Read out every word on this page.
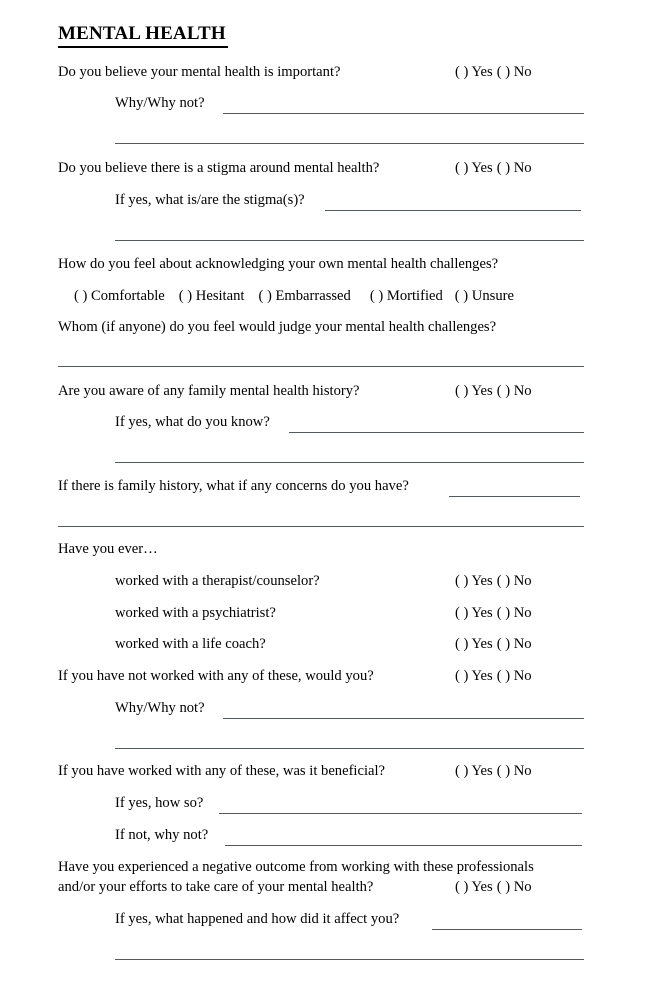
MENTAL HEALTH
Do you believe your mental health is important?	( ) Yes ( ) No
Why/Why not?
Do you believe there is a stigma around mental health?	( ) Yes ( ) No
If yes, what is/are the stigma(s)?
How do you feel about acknowledging your own mental health challenges?
( ) Comfortable ( ) Hesitant ( ) Embarrassed ( ) Mortified ( ) Unsure
Whom (if anyone) do you feel would judge your mental health challenges?
Are you aware of any family mental health history?	( ) Yes ( ) No
If yes, what do you know?
If there is family history, what if any concerns do you have?
Have you ever…
worked with a therapist/counselor?	( ) Yes ( ) No
worked with a psychiatrist?	( ) Yes ( ) No
worked with a life coach?	( ) Yes ( ) No
If you have not worked with any of these, would you?	( ) Yes ( ) No
Why/Why not?
If you have worked with any of these, was it beneficial?	( ) Yes ( ) No
If yes, how so?
If not, why not?
Have you experienced a negative outcome from working with these professionals
and/or your efforts to take care of your mental health?	( ) Yes ( ) No
If yes, what happened and how did it affect you?
